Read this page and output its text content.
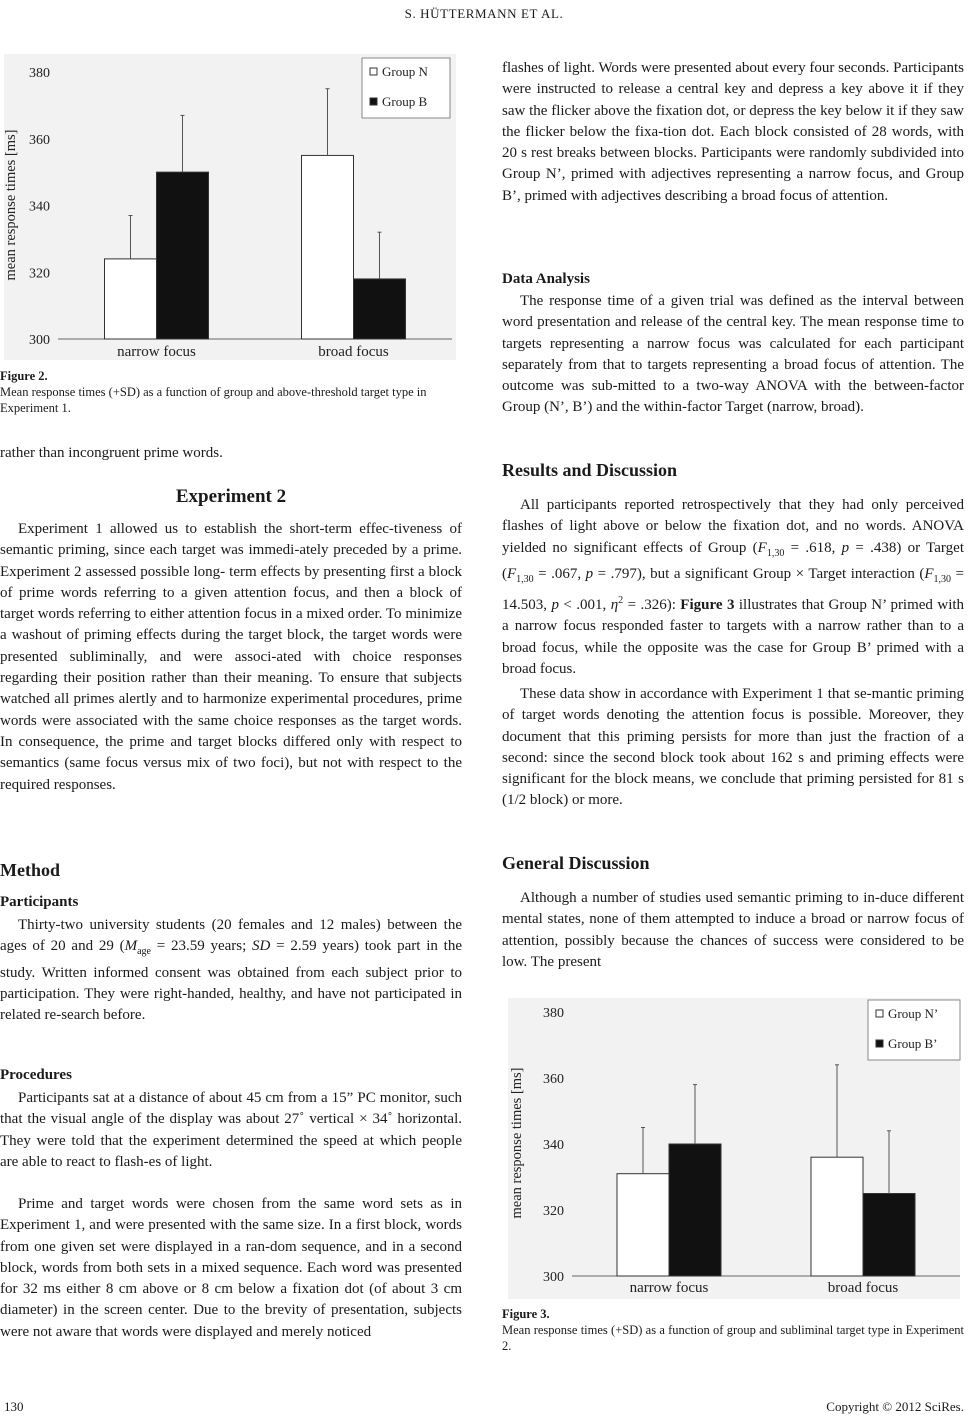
S. HÜTTERMANN ET AL.
300
320
340
360
380
mean response times [ms]
narrow focus	broad focus
Group N
Group B
Figure 2.
Mean response times (+SD) as a function of group and above-threshold target type in Experiment 1.

rather than incongruent prime words.

Experiment 2

Experiment 1 allowed us to establish the short-term effec-tiveness of semantic priming, since each target was immedi-ately preceded by a prime. Experiment 2 assessed possible long- term effects by presenting first a block of prime words referring to a given attention focus, and then a block of target words referring to either attention focus in a mixed order. To minimize a washout of priming effects during the target block, the target words were presented subliminally, and were associ-ated with choice responses regarding their position rather than their meaning. To ensure that subjects watched all primes alertly and to harmonize experimental procedures, prime words were associated with the same choice responses as the target words. In consequence, the prime and target blocks differed only with respect to semantics (same focus versus mix of two foci), but not with respect to the required responses.

Method
Participants

Thirty-two university students (20 females and 12 males) between the ages of 20 and 29 ($M_{age} = 23.59$ years; SD = 2.59 years) took part in the study. Written informed consent was obtained from each subject prior to participation. They were right-handed, healthy, and have not participated in related re-search before.

Procedures

Participants sat at a distance of about 45 cm from a 15” PC monitor, such that the visual angle of the display was about 27˚ vertical × 34˚ horizontal. They were told that the experiment determined the speed at which people are able to react to flash-es of light.

Prime and target words were chosen from the same word sets as in Experiment 1, and were presented with the same size. In a first block, words from one given set were displayed in a ran-dom sequence, and in a second block, words from both sets in a mixed sequence. Each word was presented for 32 ms either 8 cm above or 8 cm below a fixation dot (of about 3 cm diameter) in the screen center. Due to the brevity of presentation, subjects were not aware that words were displayed and merely noticed

flashes of light. Words were presented about every four seconds. Participants were instructed to release a central key and depress a key above it if they saw the flicker above the fixation dot, or depress the key below it if they saw the flicker below the fixa-tion dot. Each block consisted of 28 words, with 20 s rest breaks between blocks. Participants were randomly subdivided into Group N’, primed with adjectives representing a narrow focus, and Group B’, primed with adjectives describing a broad focus of attention.

Data Analysis

The response time of a given trial was defined as the interval between word presentation and release of the central key. The mean response time to targets representing a narrow focus was calculated for each participant separately from that to targets representing a broad focus of attention. The outcome was sub-mitted to a two-way ANOVA with the between-factor Group (N’, B’) and the within-factor Target (narrow, broad).

Results and Discussion

All participants reported retrospectively that they had only perceived flashes of light above or below the fixation dot, and no words. ANOVA yielded no significant effects of Group ($F_{1,30} = .618$, p = .438) or Target ($F_{1,30} = .067$, p = .797), but a significant Group × Target interaction ($F_{1,30} = 14.503$, p < .001, $\eta^2 = .326$): Figure 3 illustrates that Group N’ primed with a narrow focus responded faster to targets with a narrow rather than to a broad focus, while the opposite was the case for Group B’ primed with a broad focus.

These data show in accordance with Experiment 1 that se-mantic priming of target words denoting the attention focus is possible. Moreover, they document that this priming persists for more than just the fraction of a second: since the second block took about 162 s and priming effects were significant for the block means, we conclude that priming persisted for 81 s (1/2 block) or more.

General Discussion

Although a number of studies used semantic priming to in-duce different mental states, none of them attempted to induce a broad or narrow focus of attention, possibly because the chances of success were considered to be low. The present

300
320
340
360
380
mean response times [ms]
narrow focus	broad focus
Group N’
Group B’
Figure 3.
Mean response times (+SD) as a function of group and subliminal target type in Experiment 2.
130	Copyright © 2012 SciRes.
